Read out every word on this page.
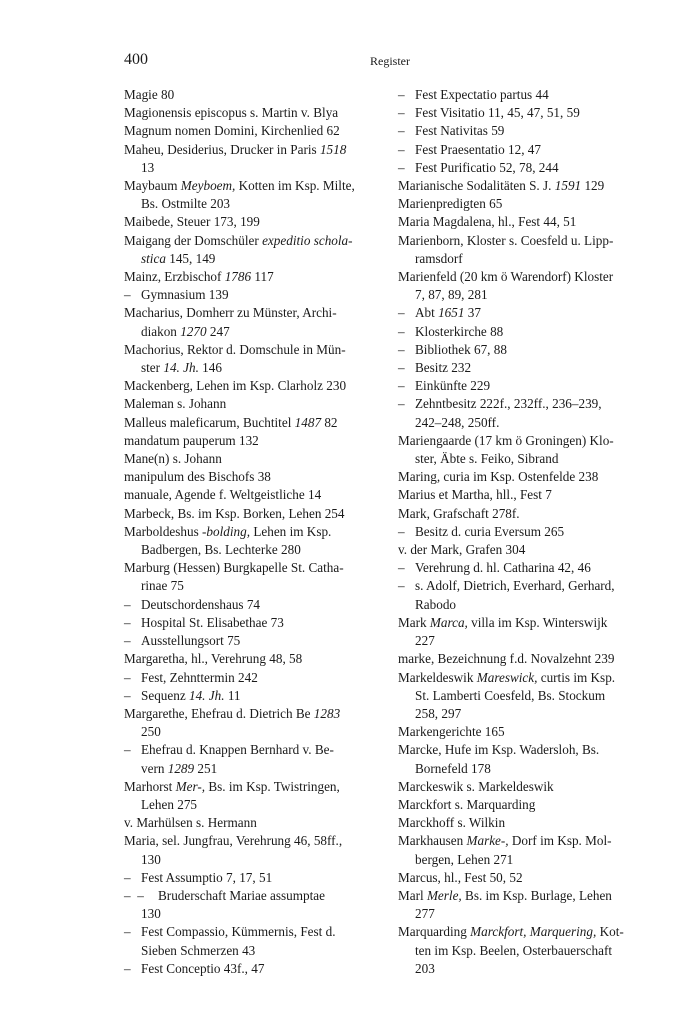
400	Register
Magie 80
Magionensis episcopus s. Martin v. Blya
Magnum nomen Domini, Kirchenlied 62
Maheu, Desiderius, Drucker in Paris 1518
13
Maybaum Meyboem, Kotten im Ksp. Milte,
Bs. Ostmilte 203
Maibede, Steuer 173, 199
Maigang der Domschüler expeditio schola-
stica 145, 149
Mainz, Erzbischof 1786 117
– Gymnasium 139
Macharius, Domherr zu Münster, Archi-
diakon 1270 247
Machorius, Rektor d. Domschule in Mün-
ster 14. Jh. 146
Mackenberg, Lehen im Ksp. Clarholz 230
Maleman s. Johann
Malleus maleficarum, Buchtitel 1487 82
mandatum pauperum 132
Mane(n) s. Johann
manipulum des Bischofs 38
manuale, Agende f. Weltgeistliche 14
Marbeck, Bs. im Ksp. Borken, Lehen 254
Marboldeshus -bolding, Lehen im Ksp.
Badbergen, Bs. Lechterke 280
Marburg (Hessen) Burgkapelle St. Catha-
rinae 75
– Deutschordenshaus 74
– Hospital St. Elisabethae 73
– Ausstellungsort 75
Margaretha, hl., Verehrung 48, 58
– Fest, Zehnttermin 242
– Sequenz 14. Jh. 11
Margarethe, Ehefrau d. Dietrich Be 1283
250
– Ehefrau d. Knappen Bernhard v. Be-
vern 1289 251
Marhorst Mer-, Bs. im Ksp. Twistringen,
Lehen 275
v. Marhülsen s. Hermann
Maria, sel. Jungfrau, Verehrung 46, 58ff.,
130
– Fest Assumptio 7, 17, 51
– – Bruderschaft Mariae assumptae
130
– Fest Compassio, Kümmernis, Fest d.
Sieben Schmerzen 43
– Fest Conceptio 43f., 47
– Fest Expectatio partus 44
– Fest Visitatio 11, 45, 47, 51, 59
– Fest Nativitas 59
– Fest Praesentatio 12, 47
– Fest Purificatio 52, 78, 244
Marianische Sodalitäten S. J. 1591 129
Marienpredigten 65
Maria Magdalena, hl., Fest 44, 51
Marienborn, Kloster s. Coesfeld u. Lipp-
ramsdorf
Marienfeld (20 km ö Warendorf) Kloster
7, 87, 89, 281
– Abt 1651 37
– Klosterkirche 88
– Bibliothek 67, 88
– Besitz 232
– Einkünfte 229
– Zehntbesitz 222f., 232ff., 236–239,
242–248, 250ff.
Mariengaarde (17 km ö Groningen) Klo-
ster, Äbte s. Feiko, Sibrand
Maring, curia im Ksp. Ostenfelde 238
Marius et Martha, hll., Fest 7
Mark, Grafschaft 278f.
– Besitz d. curia Eversum 265
v. der Mark, Grafen 304
– Verehrung d. hl. Catharina 42, 46
– s. Adolf, Dietrich, Everhard, Gerhard,
Rabodo
Mark Marca, villa im Ksp. Winterswijk
227
marke, Bezeichnung f.d. Novalzehnt 239
Markeldeswik Mareswick, curtis im Ksp.
St. Lamberti Coesfeld, Bs. Stockum
258, 297
Markengerichte 165
Marcke, Hufe im Ksp. Wadersloh, Bs.
Bornefeld 178
Marckeswik s. Markeldeswik
Marckfort s. Marquarding
Marckhoff s. Wilkin
Markhausen Marke-, Dorf im Ksp. Mol-
bergen, Lehen 271
Marcus, hl., Fest 50, 52
Marl Merle, Bs. im Ksp. Burlage, Lehen
277
Marquarding Marckfort, Marquering, Kot-
ten im Ksp. Beelen, Osterbauerschaft
203
